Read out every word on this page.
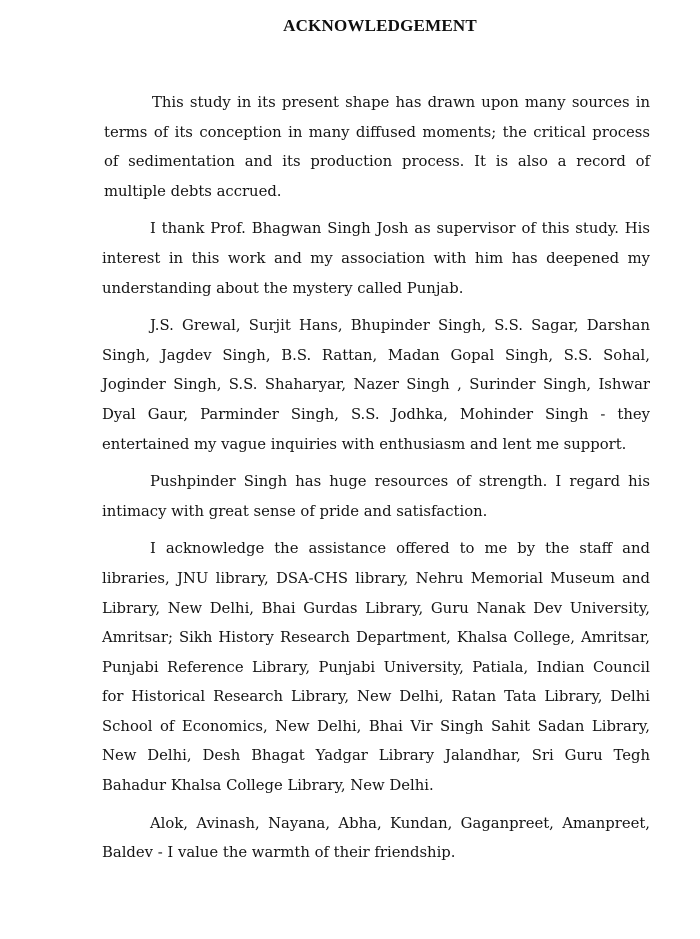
ACKNOWLEDGEMENT

This study in its present shape has drawn upon many sources in terms of its conception in many diffused moments; the critical process of sedimentation and its production process. It is also a record of multiple debts accrued.

I thank Prof. Bhagwan Singh Josh as supervisor of this study. His interest in this work and my association with him has deepened my understanding about the mystery called Punjab.

J.S. Grewal, Surjit Hans, Bhupinder Singh, S.S. Sagar, Darshan Singh, Jagdev Singh, B.S. Rattan, Madan Gopal Singh, S.S. Sohal, Joginder Singh, S.S. Shaharyar, Nazer Singh , Surinder Singh, Ishwar Dyal Gaur, Parminder Singh, S.S. Jodhka, Mohinder Singh - they entertained my vague inquiries with enthusiasm and lent me support.

Pushpinder Singh has huge resources of strength. I regard his intimacy with great sense of pride and satisfaction.

I acknowledge the assistance offered to me by the staff and libraries, JNU library, DSA-CHS library, Nehru Memorial Museum and Library, New Delhi, Bhai Gurdas Library, Guru Nanak Dev University, Amritsar; Sikh History Research Department, Khalsa College, Amritsar, Punjabi Reference Library, Punjabi University, Patiala, Indian Council for Historical Research Library, New Delhi, Ratan Tata Library, Delhi School of Economics, New Delhi, Bhai Vir Singh Sahit Sadan Library, New Delhi, Desh Bhagat Yadgar Library Jalandhar, Sri Guru Tegh Bahadur Khalsa College Library, New Delhi.

Alok, Avinash, Nayana, Abha, Kundan, Gaganpreet, Amanpreet, Baldev - I value the warmth of their friendship.
